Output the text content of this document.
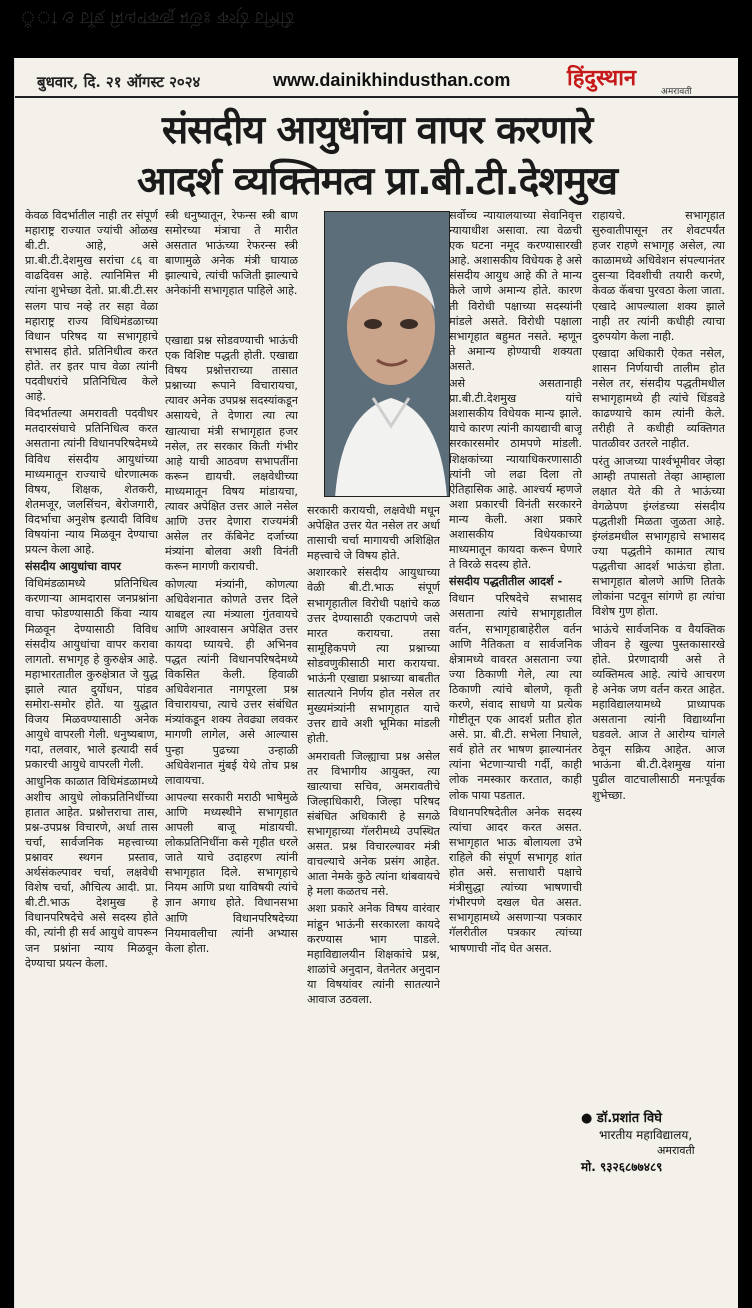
ঁা ও চাঁছ মিএণকজু মউঃ কগ্ঠ চপিঠি
बुधवार, दि. २१ ऑगस्ट २०२४	www.dainikhindusthan.com	हिंदुस्थान
अमरावती
संसदीय आयुधांचा वापर करणारे
आदर्श व्यक्तिमत्व प्रा.बी.टी.देशमुख

केवळ विदर्भातील नाही तर संपूर्ण महाराष्ट्र राज्यात ज्यांची ओळख बी.टी. आहे, असे प्रा.बी.टी.देशमुख सरांचा ८६ वा वाढदिवस आहे. त्यानिमित्त मी त्यांना शुभेच्छा देतो. प्रा.बी.टी.सर सलग पाच नव्हे तर सहा वेळा महाराष्ट्र राज्य विधिमंडळाच्या विधान परिषद या सभागृहाचे सभासद होते. प्रतिनिधीत्व करत होते. तर इतर पाच वेळा त्यांनी पदवीधरांचे प्रतिनिधित्व केले आहे.

विदर्भातल्या अमरावती पदवीधर मतदारसंघाचे प्रतिनिधित्व करत असताना त्यांनी विधानपरिषदेमध्ये विविध संसदीय आयुधांच्या माध्यमातून राज्याचे धोरणात्मक विषय, शिक्षक, शेतकरी, शेतमजूर, जलसिंचन, बेरोजगारी, विदर्भाचा अनुशेष इत्यादी विविध विषयांना न्याय मिळवून देण्याचा प्रयत्न केला आहे.

संसदीय आयुधांचा वापर

विधिमंडळामध्ये प्रतिनिधित्व करणाऱ्या आमदारास जनप्रश्नांना वाचा फोडण्यासाठी किंवा न्याय मिळवून देण्यासाठी विविध संसदीय आयुधांचा वापर करावा लागतो. सभागृह हे कुरुक्षेत्र आहे. महाभारतातील कुरुक्षेत्रात जे युद्ध झाले त्यात दुर्योधन, पांडव समोरा-समोर होते. या युद्धात विजय मिळवण्यासाठी अनेक आयुधे वापरली गेली. धनुष्यबाण, गदा, तलवार, भाले इत्यादी सर्व प्रकारची आयुधे वापरली गेली.

आधुनिक काळात विधिमंडळामध्ये अशीच आयुधे लोकप्रतिनिधींच्या हातात आहेत. प्रश्नोत्तराचा तास, प्रश्न-उपप्रश्न विचारणे, अर्धा तास चर्चा, सार्वजनिक महत्त्वाच्या प्रश्नावर स्थगन प्रस्ताव, अर्थसंकल्पावर चर्चा, लक्षवेधी विशेष चर्चा, औचित्य आदी. प्रा. बी.टी.भाऊ देशमुख हे विधानपरिषदेचे असे सदस्य होते की, त्यांनी ही सर्व आयुधे वापरून जन प्रश्नांना न्याय मिळवून देण्याचा प्रयत्न केला.

स्त्री धनुष्यातून, रेफन्स स्त्री बाण समोरच्या मंत्राचा ते मारीत असतात भाऊंच्या रेफरन्स स्त्री बाणामुळे अनेक मंत्री घायाळ झाल्याचे, त्यांची फजिती झाल्याचे अनेकांनी सभागृहात पाहिले आहे.

एखाद्या प्रश्न सोडवण्याची भाऊंची एक विशिष्ट पद्धती होती. एखाद्या विषय प्रश्नोत्तराच्या तासात प्रश्नाच्या रूपाने विचारायचा, त्यावर अनेक उपप्रश्न सदस्यांकडून असायचे, ते देणारा त्या त्या खात्याचा मंत्री सभागृहात हजर नसेल, तर सरकार किती गंभीर आहे याची आठवण सभापतींना करून द्यायची. लक्षवेधीच्या माध्यमातून विषय मांडायचा, त्यावर अपेक्षित उत्तर आले नसेल आणि उत्तर देणारा राज्यमंत्री असेल तर कॅबिनेट दर्जाच्या मंत्र्यांना बोलवा अशी विनंती करून मागणी करायची.

कोणत्या मंत्र्यांनी, कोणत्या अधिवेशनात कोणते उत्तर दिले याबद्दल त्या मंत्र्याला गुंतवायचे आणि आश्वासन अपेक्षित उत्तर कायदा घ्यायचे. ही अभिनव पद्धत त्यांनी विधानपरिषदेमध्ये विकसित केली. हिवाळी अधिवेशनात नागपूरला प्रश्न विचारायचा, त्याचे उत्तर संबंधित मंत्र्यांकडून शक्य तेवढ्या लवकर मागणी लागेल, असे आल्यास पुन्हा पुढच्या उन्हाळी अधिवेशनात मुंबई येथे तोच प्रश्न लावायचा.

आपल्या सरकारी मराठी भाषेमुळे आणि मध्यस्थीने सभागृहात आपली बाजू मांडायची. लोकप्रतिनिधींना कसे गृहीत धरले जाते याचे उदाहरण त्यांनी सभागृहात दिले. सभागृहाचे नियम आणि प्रथा याविषयी त्यांचे ज्ञान अगाध होते. विधानसभा आणि विधानपरिषदेच्या नियमावलीचा त्यांनी अभ्यास केला होता.

सरकारी करायची, लक्षवेधी मधून अपेक्षित उत्तर येत नसेल तर अर्धा तासाची चर्चा मागायची अशिक्षित महत्त्वाचे जे विषय होते.

अशारकारे संसदीय आयुधाच्या वेळी बी.टी.भाऊ संपूर्ण सभागृहातील विरोधी पक्षांचे कळ उत्तर देण्यासाठी एकटापणे जसे मारत करायचा. तसा सामूहिकपणे त्या प्रश्नाच्या सोडवणुकीसाठी मारा करायचा. भाऊंनी एखाद्या प्रश्नाच्या बाबतीत सातत्याने निर्णय होत नसेल तर मुख्यमंत्र्यांनी सभागृहात याचे उत्तर द्यावे अशी भूमिका मांडली होती.

अमरावती जिल्ह्याचा प्रश्न असेल तर विभागीय आयुक्त, त्या खात्याचा सचिव, अमरावतीचे जिल्हाधिकारी, जिल्हा परिषद संबंधित अधिकारी हे सगळे सभागृहाच्या गॅलरीमध्ये उपस्थित असत. प्रश्न विचारल्यावर मंत्री वाचल्याचे अनेक प्रसंग आहेत. आता नेमके कुठे त्यांना थांबवायचे हे मला कळतच नसे.

अशा प्रकारे अनेक विषय वारंवार मांडून भाऊंनी सरकारला कायदे करण्यास भाग पाडले. महाविद्यालयीन शिक्षकांचे प्रश्न, शाळांचे अनुदान, वेतनेतर अनुदान या विषयांवर त्यांनी सातत्याने आवाज उठवला.

सर्वोच्च न्यायालयाच्या सेवानिवृत्त न्यायाधीश असावा. त्या वेळची एक घटना नमूद करण्यासारखी आहे. अशासकीय विधेयक हे असे संसदीय आयुध आहे की ते मान्य केले जाणे अमान्य होते. कारण ती विरोधी पक्षाच्या सदस्यांनी मांडले असते. विरोधी पक्षाला सभागृहात बहुमत नसते. म्हणून ते अमान्य होण्याची शक्यता असते.

असे असतानाही प्रा.बी.टी.देशमुख यांचे अशासकीय विधेयक मान्य झाले. याचे कारण त्यांनी कायद्याची बाजू सरकारसमोर ठामपणे मांडली. शिक्षकांच्या न्यायाधिकरणासाठी त्यांनी जो लढा दिला तो ऐतिहासिक आहे. आश्चर्य म्हणजे अशा प्रकारची विनंती सरकारने मान्य केली. अशा प्रकारे अशासकीय विधेयकाच्या माध्यमातून कायदा करून घेणारे ते विरळे सदस्य होते.

संसदीय पद्धतीतील आदर्श -

विधान परिषदेचे सभासद असताना त्यांचे सभागृहातील वर्तन, सभागृहाबाहेरील वर्तन आणि नैतिकता व सार्वजनिक क्षेत्रामध्ये वावरत असताना ज्या ज्या ठिकाणी गेले, त्या त्या ठिकाणी त्यांचे बोलणे, कृती करणे, संवाद साधणे या प्रत्येक गोष्टीतून एक आदर्श प्रतीत होत असे. प्रा. बी.टी. सभेला निघाले, सर्व होते तर भाषण झाल्यानंतर त्यांना भेटणाऱ्याची गर्दी, काही लोक नमस्कार करतात, काही लोक पाया पडतात.

विधानपरिषदेतील अनेक सदस्य त्यांचा आदर करत असत. सभागृहात भाऊ बोलायला उभे राहिले की संपूर्ण सभागृह शांत होत असे. सत्ताधारी पक्षाचे मंत्रीसुद्धा त्यांच्या भाषणाची गंभीरपणे दखल घेत असत. सभागृहामध्ये असणाऱ्या पत्रकार गॅलरीतील पत्रकार त्यांच्या भाषणाची नोंद घेत असत.

राहायचे. सभागृहात सुरुवातीपासून तर शेवटपर्यंत हजर राहणे सभागृह असेल, त्या काळामध्ये अधिवेशन संपल्यानंतर दुसऱ्या दिवशीची तयारी करणे, केवळ कॅबचा पुरवठा केला जाता. एखादे आपल्याला शक्य झाले नाही तर त्यांनी कधीही त्याचा दुरुपयोग केला नाही.

एखादा अधिकारी ऐकत नसेल, शासन निर्णयाची तालीम होत नसेल तर, संसदीय पद्धतीमधील सभागृहामध्ये ही त्यांचे धिंडवडे काढण्याचे काम त्यांनी केले. तरीही ते कधीही व्यक्तिगत पातळीवर उतरले नाहीत.

परंतु आजच्या पार्श्वभूमीवर जेव्हा आम्ही तपासतो तेव्हा आम्हाला लक्षात येते की ते भाऊंच्या वेगळेपण इंग्लंडच्या संसदीय पद्धतीशी मिळता जुळता आहे. इंग्लंडमधील सभागृहाचे सभासद ज्या पद्धतीने कामात त्याच पद्धतीचा आदर्श भाऊंचा होता. सभागृहात बोलणे आणि तितके लोकांना पटवून सांगणे हा त्यांचा विशेष गुण होता.

भाऊंचे सार्वजनिक व वैयक्तिक जीवन हे खुल्या पुस्तकासारखे होते. प्रेरणादायी असे ते व्यक्तिमत्व आहे. त्यांचे आचरण हे अनेक जण वर्तन करत आहेत. महाविद्यालयामध्ये प्राध्यापक असताना त्यांनी विद्यार्थ्यांना घडवले. आज ते आरोग्य चांगले ठेवून सक्रिय आहेत. आज भाऊंना बी.टी.देशमुख यांना पुढील वाटचालीसाठी मनःपूर्वक शुभेच्छा.

● डॉ.प्रशांत विघे
भारतीय महाविद्यालय,
अमरावती
मो. ९३२६८७७४८९
